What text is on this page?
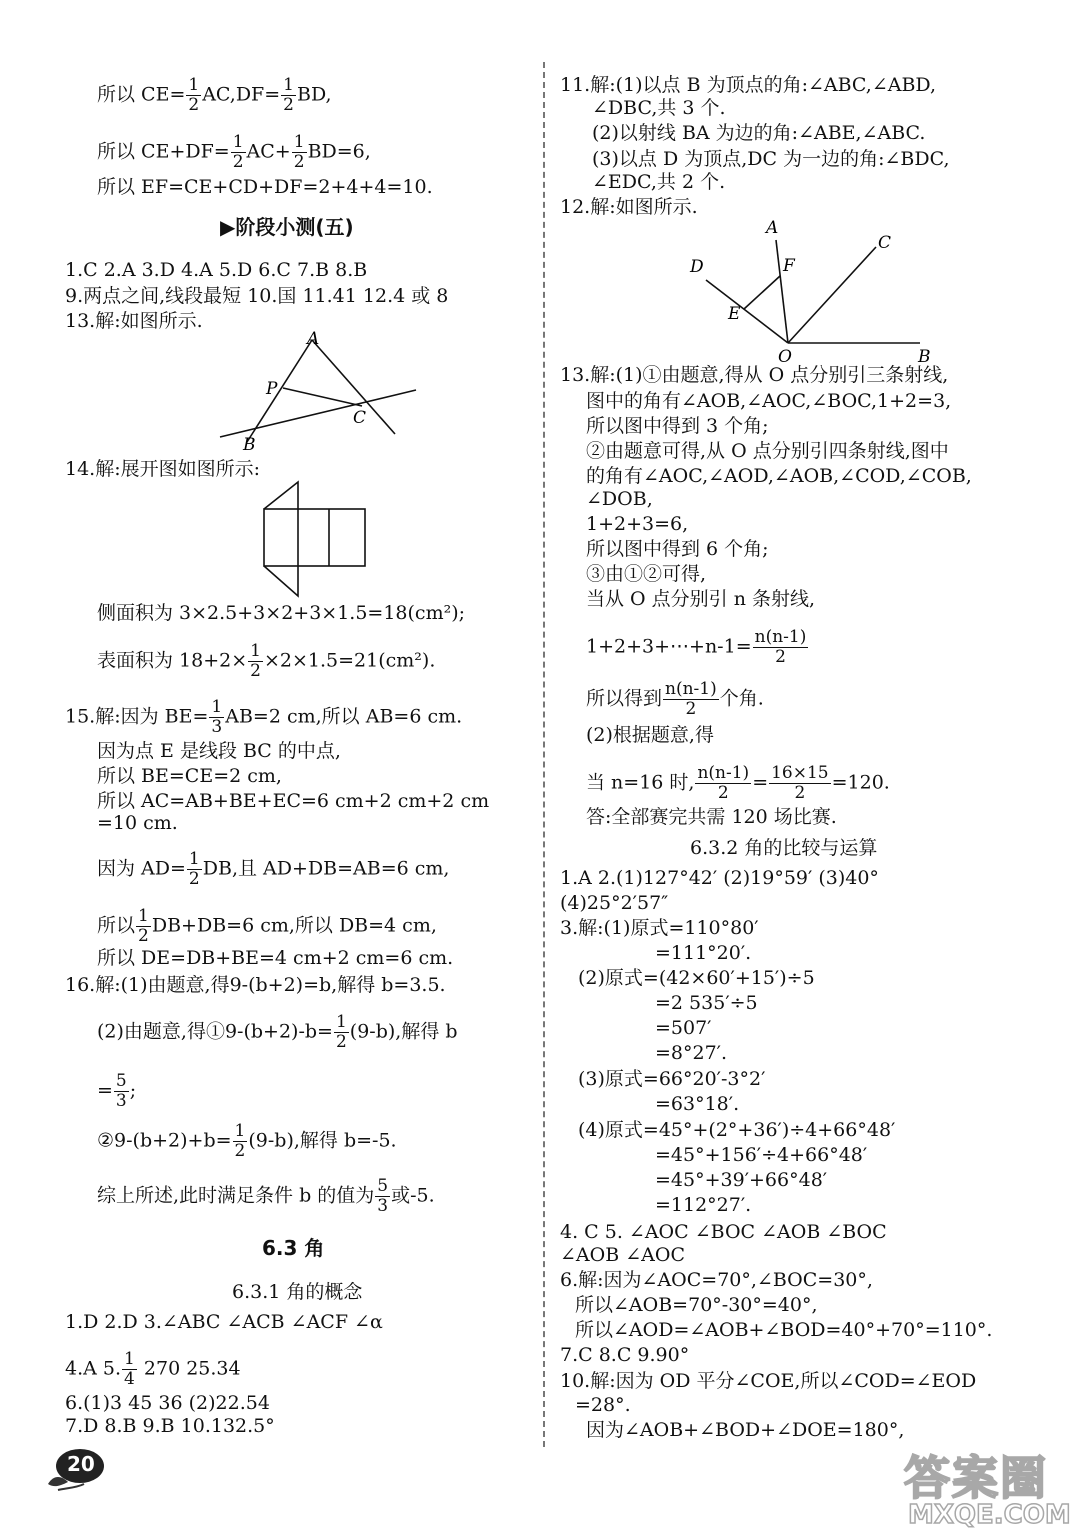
所以 $CE= \frac{1}{2} AC,DF= \frac{1}{2}$ BD,
所以 $CE+DF= \frac{1}{2} AC+ \frac{1}{2} BD=6$,
所以 EF=CE+CD+DF=2+4+4=10.
▶阶段小测(五)
1.C 2.A 3.D 4.A 5.D 6.C 7.B 8.B
9.两点之间,线段最短 10.国 11.41 12.4 或 8
13.解:如图所示.
A
P
C
B
14.解:展开图如图所示:
侧面积为 3×2.5+3×2+3×1.5=18(cm²);
表面积为 $18+2\times \frac{1}{2} \times 2\times 1.5=21(cm^2)$.
15.解:因为 $BE= \frac{1}{3} AB=2$ cm,所以 AB=6 cm.
因为点 E 是线段 BC 的中点,
所以 BE=CE=2 cm,
所以 AC=AB+BE+EC=6 cm+2 cm+2 cm
=10 cm.
因为 $AD= \frac{1}{2}$ DB,且 AD+DB=AB=6 cm,
所以 $\frac{1}{2} DB+DB=6$ cm,所以 DB=4 cm,
所以 DE=DB+BE=4 cm+2 cm=6 cm.
16.解:(1)由题意,得9-(b+2)=b,解得 b=3.5.
(2)由题意,得①9-(b+2)-b= $\frac{1}{2} (9-b)$,解得 b
= $\frac{5}{3}$ ;
②9-(b+2)+b= $\frac{1}{2} (9-b)$,解得 b=-5.
综上所述,此时满足条件 b 的值为 $\frac{5}{3}$ 或-5.
6.3 角
6.3.1 角的概念
1.D 2.D 3.∠ABC ∠ACB ∠ACF ∠α
4.A 5. $\frac{1}{4} 270$ 25.34
6.(1)3 45 36 (2)22.54
7.D 8.B 9.B 10.132.5°
11.解:(1)以点 B 为顶点的角:∠ABC,∠ABD,
∠DBC,共 3 个.
(2)以射线 BA 为边的角:∠ABE,∠ABC.
(3)以点 D 为顶点,DC 为一边的角:∠BDC,
∠EDC,共 2 个.
12.解:如图所示.
A
F
C
D
E
O	B
13.解:(1)①由题意,得从 O 点分别引三条射线,
图中的角有∠AOB,∠AOC,∠BOC,1+2=3,
所以图中得到 3 个角;
②由题意可得,从 O 点分别引四条射线,图中
的角有∠AOC,∠AOD,∠AOB,∠COD,∠COB,
∠DOB,
1+2+3=6,
所以图中得到 6 个角;
③由①②可得,
当从 O 点分别引 n 条射线,
1+2+3+⋯+n-1= $\frac{n(n-1)}{2}$
所以得到 $\frac{n(n-1)}{2}$ 个角.
(2)根据题意,得
当 n=16 时, $\frac{n(n-1)}{2} = \frac{16\times 15}{2} =120$.
答:全部赛完共需 120 场比赛.
6.3.2 角的比较与运算
1.A 2.(1)127°42′ (2)19°59′ (3)40°
(4)25°2′57″
3.解:(1)原式=110°80′
=111°20′.
(2)原式=(42×60′+15′)÷5
=2 535′÷5
=507′
=8°27′.
(3)原式=66°20′-3°2′
=63°18′.
(4)原式=45°+(2°+36′)÷4+66°48′
=45°+156′÷4+66°48′
=45°+39′+66°48′
=112°27′.
4. C 5. ∠AOC ∠BOC ∠AOB ∠BOC
∠AOB ∠AOC
6.解:因为∠AOC=70°,∠BOC=30°,
所以∠AOB=70°-30°=40°,
所以∠AOD=∠AOB+∠BOD=40°+70°=110°.
7.C 8.C 9.90°
10.解:因为 OD 平分∠COE,所以∠COD=∠EOD
=28°.
因为∠AOB+∠BOD+∠DOE=180°,
20	答案圈
MXQE.COM
